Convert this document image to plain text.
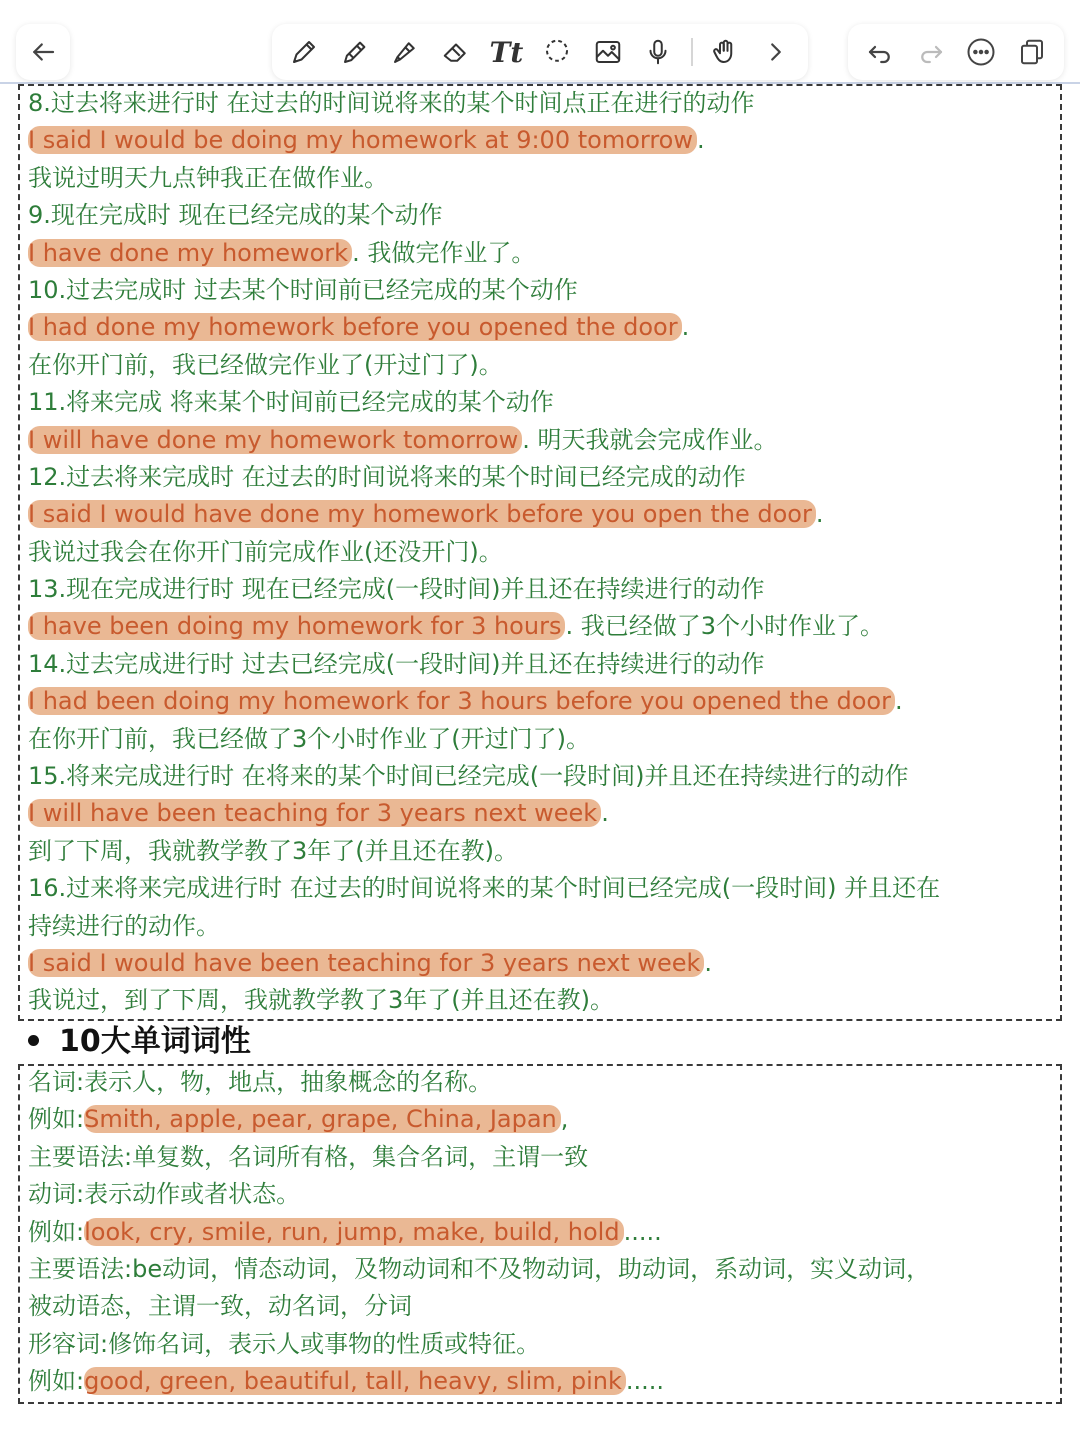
Tt
8.过去将来进行时 在过去的时间说将来的某个时间点正在进行的动作
I said I would be doing my homework at 9:00 tomorrow .
我说过明天九点钟我正在做作业。
9.现在完成时 现在已经完成的某个动作
I have done my homework . 我做完作业了。
10.过去完成时 过去某个时间前已经完成的某个动作
I had done my homework before you opened the door .
在你开门前，我已经做完作业了(开过门了)。
11.将来完成 将来某个时间前已经完成的某个动作
I will have done my homework tomorrow . 明天我就会完成作业。
12.过去将来完成时 在过去的时间说将来的某个时间已经完成的动作
I said I would have done my homework before you open the door .
我说过我会在你开门前完成作业(还没开门)。
13.现在完成进行时 现在已经完成(一段时间)并且还在持续进行的动作
I have been doing my homework for 3 hours . 我已经做了3个小时作业了。
14.过去完成进行时 过去已经完成(一段时间)并且还在持续进行的动作
I had been doing my homework for 3 hours before you opened the door .
在你开门前，我已经做了3个小时作业了(开过门了)。
15.将来完成进行时 在将来的某个时间已经完成(一段时间)并且还在持续进行的动作
I will have been teaching for 3 years next week .
到了下周，我就教学教了3年了(并且还在教)。
16.过来将来完成进行时 在过去的时间说将来的某个时间已经完成(一段时间) 并且还在
持续进行的动作。
I said I would have been teaching for 3 years next week .
我说过，到了下周，我就教学教了3年了(并且还在教)。
10大单词词性
名词:表示人，物，地点，抽象概念的名称。
例如:Smith, apple, pear, grape, China, Japan ,
主要语法:单复数，名词所有格，集合名词，主谓一致
动词:表示动作或者状态。
例如:look, cry, smile, run, jump, make, build, hold .....
主要语法:be动词，情态动词，及物动词和不及物动词，助动词，系动词，实义动词，
被动语态，主谓一致，动名词，分词
形容词:修饰名词，表示人或事物的性质或特征。
例如:good, green, beautiful, tall, heavy, slim, pink .....
